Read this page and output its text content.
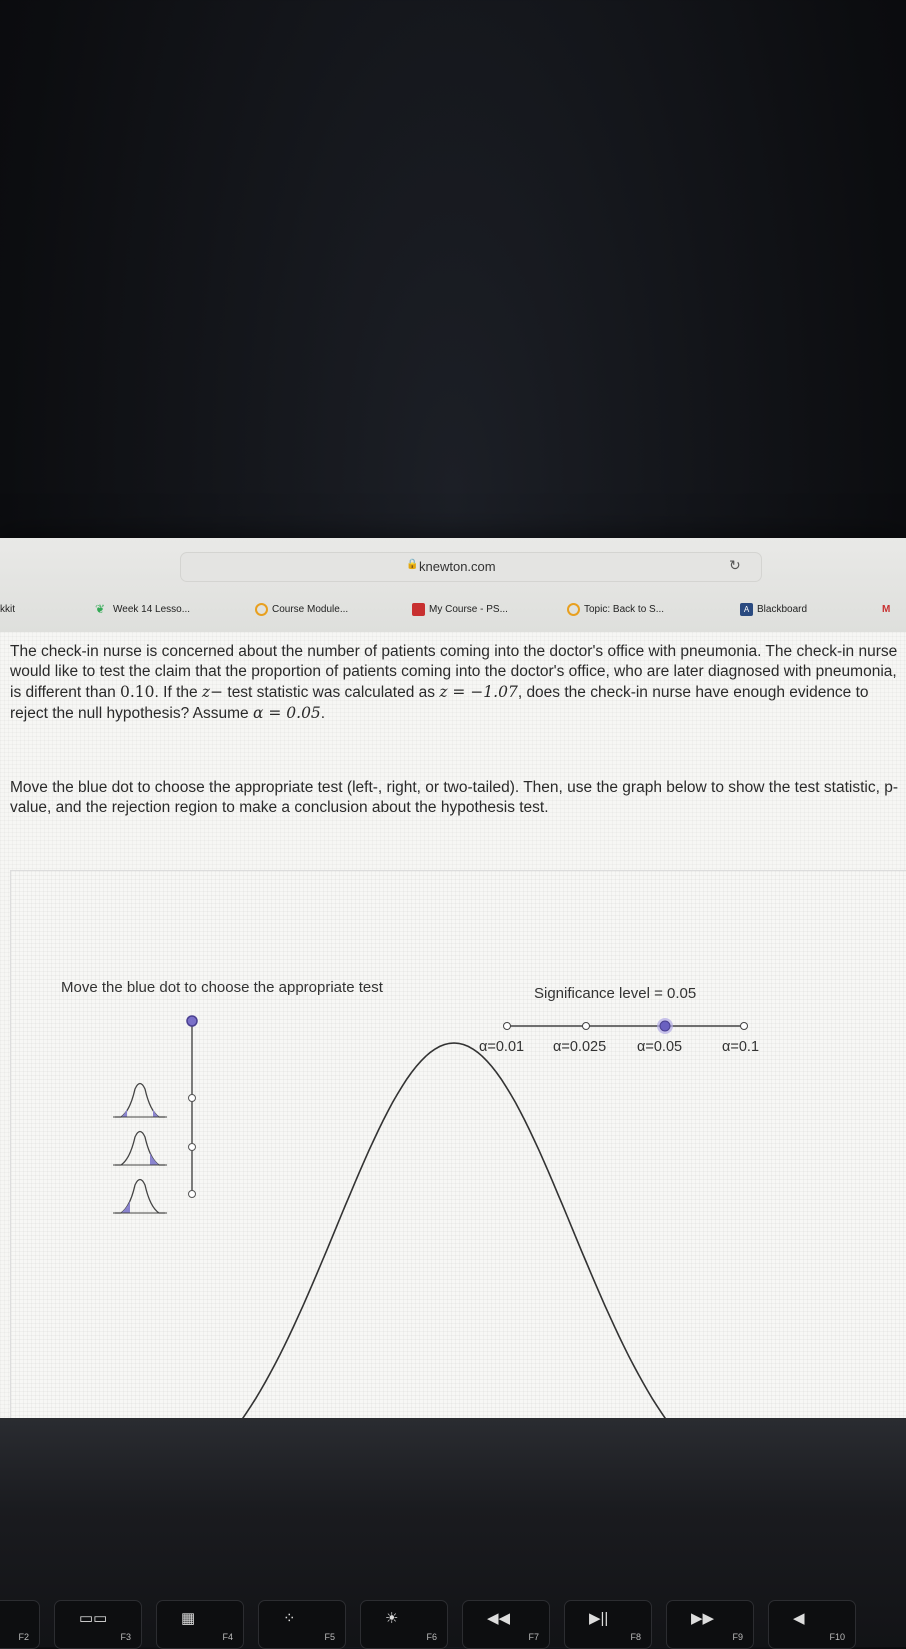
🔒 knewton.com	↻
kkit	❦ Week 14 Lesso...	Course Module...	My Course - PS...	Topic: Back to S...	A Blackboard	M
The check-in nurse is concerned about the number of patients coming into the doctor's office with pneumonia. The check-in nurse would like to test the claim that the proportion of patients coming into the doctor's office, who are later diagnosed with pneumonia, is different than 0.10. If the z− test statistic was calculated as z = −1.07, does the check-in nurse have enough evidence to reject the null hypothesis? Assume α = 0.05.
Move the blue dot to choose the appropriate test (left-, right, or two-tailed). Then, use the graph below to show the test statistic, p-value, and the rejection region to make a conclusion about the hypothesis test.
Move the blue dot to choose the appropriate test	Significance level = 0.05
α=0.01 α=0.025 α=0.05	α=0.1
F2
▭▭
F3
▦
F4
⁘
F5
☀
F6
◀◀
F7
▶||
F8
▶▶
F9
◀
F10
